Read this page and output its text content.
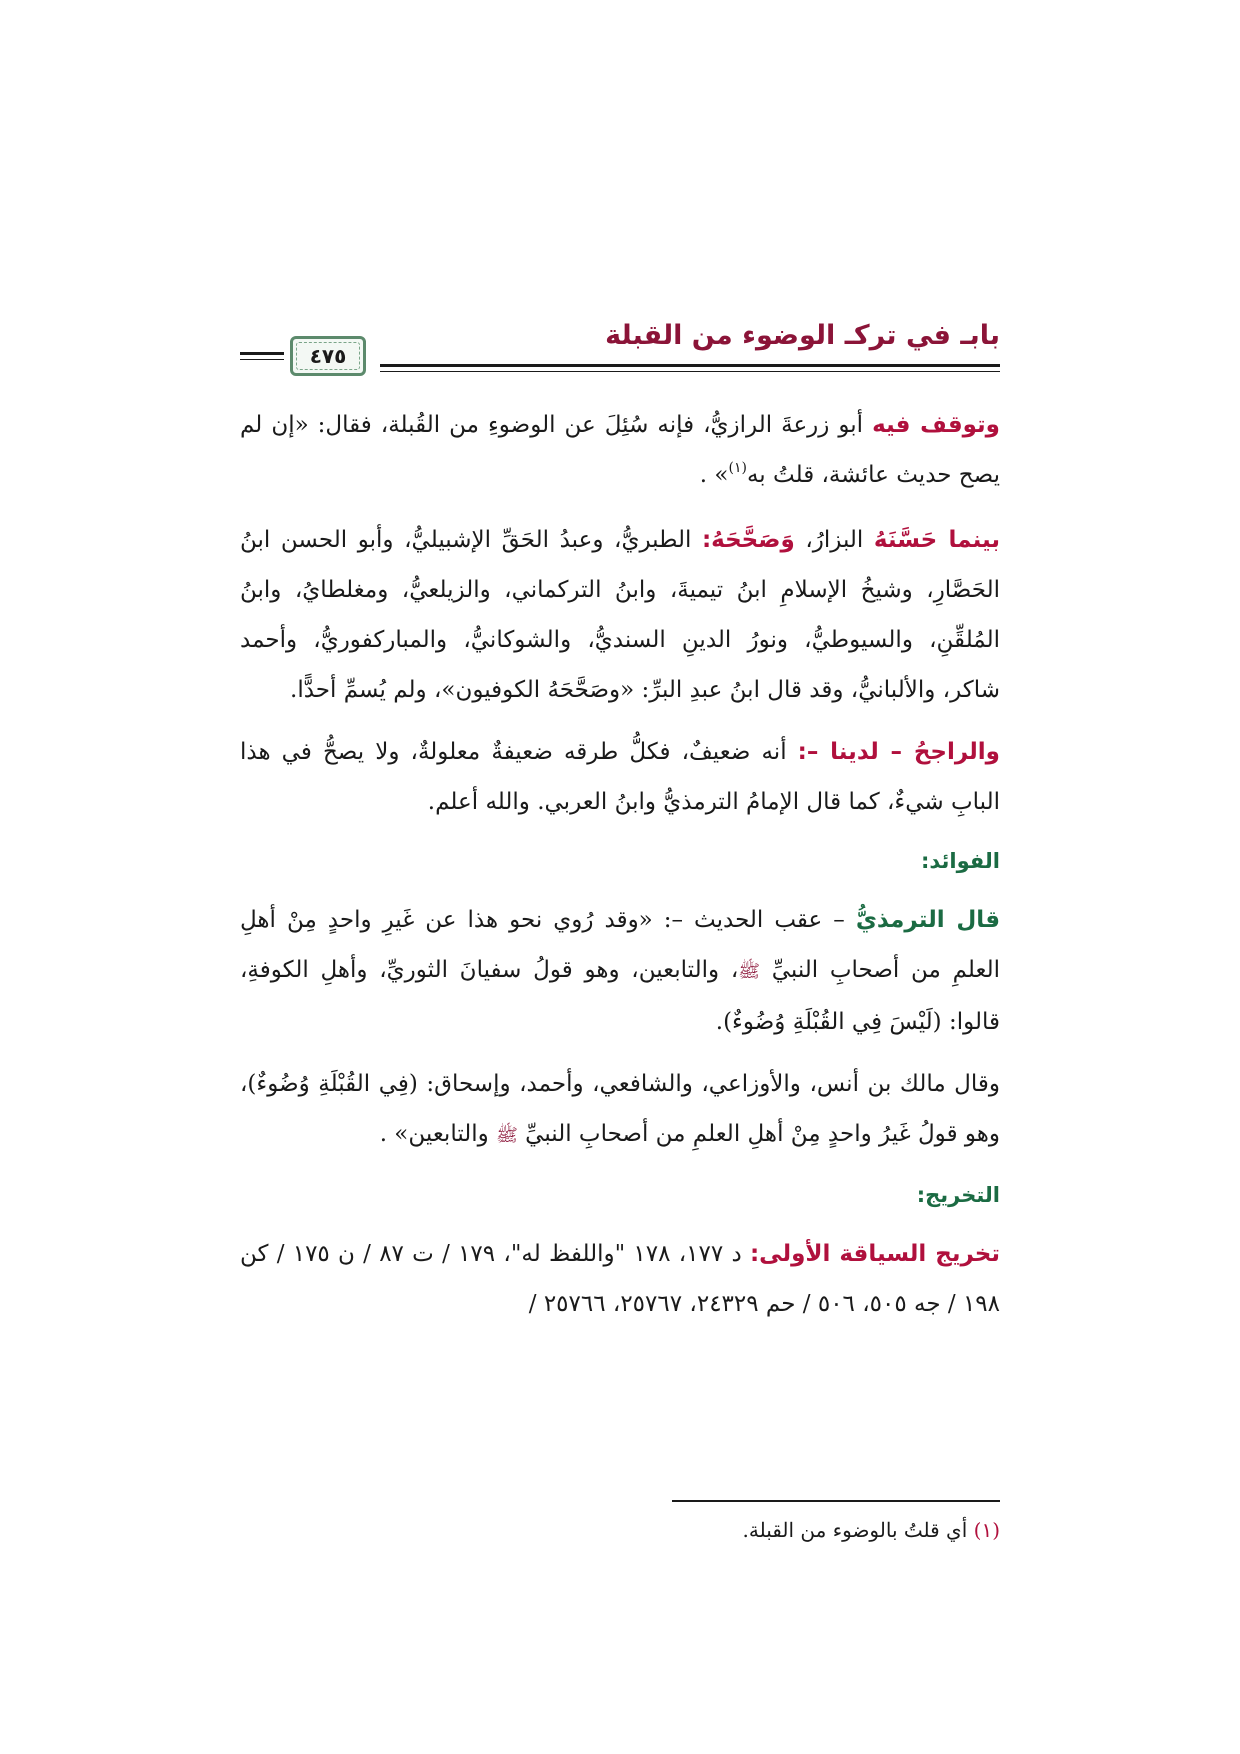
بابـ في تركـ الوضوء من القبلة
٤٧٥

وتوقف فيه أبو زرعةَ الرازيُّ، فإنه سُئِلَ عن الوضوءِ من القُبلة، فقال: «إن لم يصح حديث عائشة، قلتُ به$^{(١)}$» .

بينما حَسَّنَهُ البزارُ، وَصَحَّحَهُ: الطبريُّ، وعبدُ الحَقِّ الإشبيليُّ، وأبو الحسن ابنُ الحَصَّارِ، وشيخُ الإسلامِ ابنُ تيميةَ، وابنُ التركماني، والزيلعيُّ، ومغلطايُ، وابنُ المُلقِّنِ، والسيوطيُّ، ونورُ الدينِ السنديُّ، والشوكانيُّ، والمباركفوريُّ، وأحمد شاكر، والألبانيُّ، وقد قال ابنُ عبدِ البرِّ: «وصَحَّحَهُ الكوفيون»، ولم يُسمِّ أحدًّا.

والراجحُ – لدينا –: أنه ضعيفٌ، فكلُّ طرقه ضعيفةٌ معلولةٌ، ولا يصحُّ في هذا البابِ شيءٌ، كما قال الإمامُ الترمذيُّ وابنُ العربي. والله أعلم.

الفوائد:

قال الترمذيُّ – عقب الحديث –: «وقد رُوي نحو هذا عن غَيرِ واحدٍ مِنْ أهلِ العلمِ من أصحابِ النبيِّ ﷺ، والتابعين، وهو قولُ سفيانَ الثوريِّ، وأهلِ الكوفةِ، قالوا: (لَيْسَ فِي القُبْلَةِ وُضُوءٌ).

وقال مالك بن أنس، والأوزاعي، والشافعي، وأحمد، وإسحاق: (فِي القُبْلَةِ وُضُوءٌ)، وهو قولُ غَيرُ واحدٍ مِنْ أهلِ العلمِ من أصحابِ النبيِّ ﷺ والتابعين» .

التخريج:

تخريج السياقة الأولى: د ١٧٧، ١٧٨ "واللفظ له"، ١٧٩ / ت ٨٧ / ن ١٧٥ / كن ١٩٨ / جه ٥٠٥، ٥٠٦ / حم ٢٤٣٢٩، ٢٥٧٦٧، ٢٥٧٦٦ /

(١) أي قلتُ بالوضوء من القبلة.
